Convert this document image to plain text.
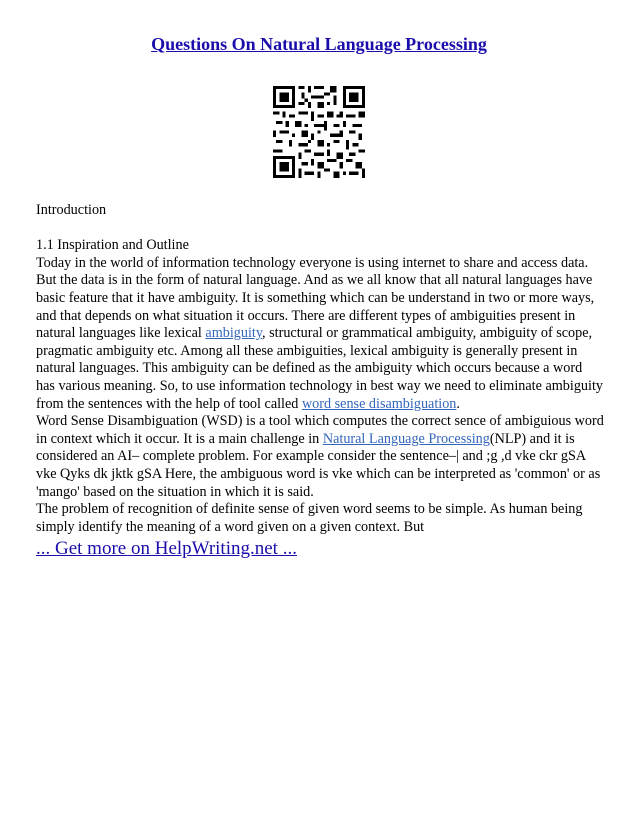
Questions On Natural Language Processing

Introduction

1.1 Inspiration and Outline

Today in the world of information technology everyone is using internet to share and access data. But the data is in the form of natural language. And as we all know that all natural languages have basic feature that it have ambiguity. It is something which can be understand in two or more ways, and that depends on what situation it occurs. There are different types of ambiguities present in natural languages like lexical ambiguity, structural or grammatical ambiguity, ambiguity of scope, pragmatic ambiguity etc. Among all these ambiguities, lexical ambiguity is generally present in natural languages. This ambiguity can be defined as the ambiguity which occurs because a word has various meaning. So, to use information technology in best way we need to eliminate ambiguity from the sentences with the help of tool called word sense disambiguation.

Word Sense Disambiguation (WSD) is a tool which computes the correct sence of ambiguious word in context which it occur. It is a main challenge in Natural Language Processing(NLP) and it is considered an AI– complete problem. For example consider the sentence–| and ;g ,d vke ckr gSA vke Qyks dk jktk gSA Here, the ambiguous word is vke which can be interpreted as 'common' or as 'mango' based on the situation in which it is said.

The problem of recognition of definite sense of given word seems to be simple. As human being simply identify the meaning of a word given on a given context. But

... Get more on HelpWriting.net ...
